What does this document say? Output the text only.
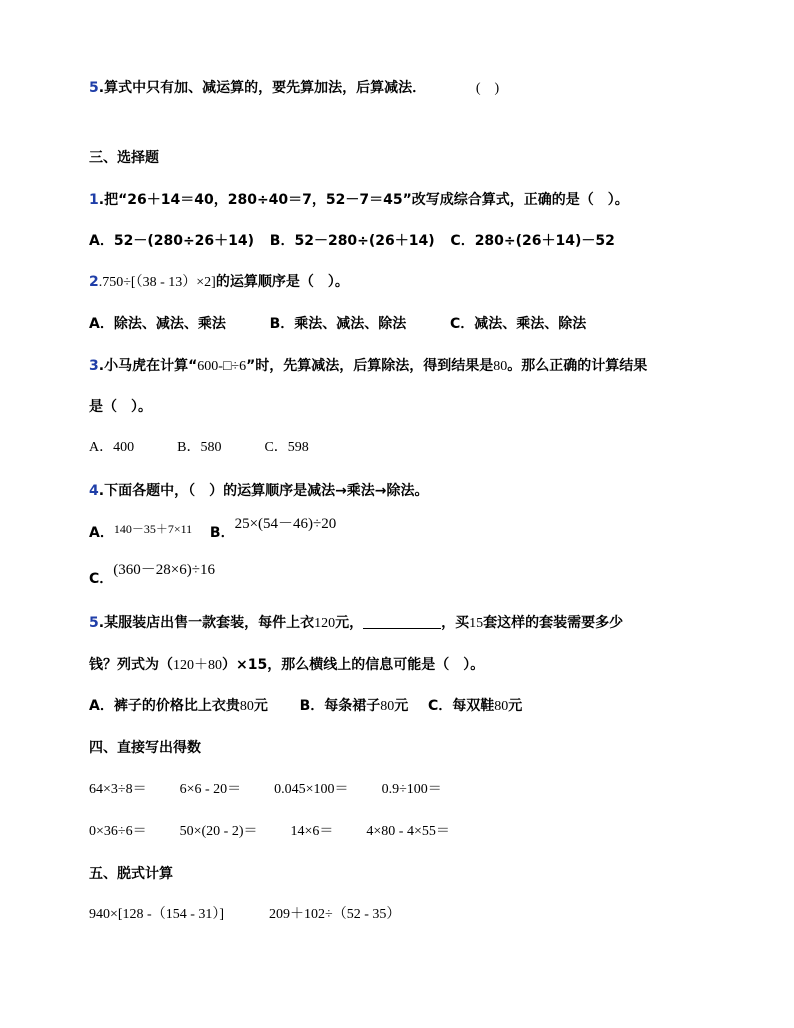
5.算式中只有加、减运算的，要先算加法，后算减法．	(    )
三、选择题
1.把“26＋14＝40，280÷40＝7，52－7＝45”改写成综合算式，正确的是（　）。
A．52－(280÷26＋14) B．52－280÷(26＋14) C．280÷(26＋14)－52
2.750÷[（38 - 13）×2]的运算顺序是（　）。
A．除法、减法、乘法	B．乘法、减法、除法	C．减法、乘法、除法
3.小马虎在计算“600-□÷6”时，先算减法，后算除法，得到结果是80。那么正确的计算结果
是（　）。
A．400	B．580	C．598
4.下面各题中，（　）的运算顺序是减法→乘法→除法。
A．140－35＋7×11 B．25×(54－46)÷20
C．(360－28×6)÷16
5.某服装店出售一款套装，每件上衣120元，	，买15套这样的套装需要多少
钱？列式为（120＋80）×15，那么横线上的信息可能是（　）。
A．裤子的价格比上衣贵80元 B．每条裙子80元 C．每双鞋80元
四、直接写出得数
64×3÷8＝ 6×6 - 20＝ 0.045×100＝ 0.9÷100＝
0×36÷6＝ 50×(20 - 2)＝ 14×6＝ 4×80 - 4×55＝
五、脱式计算
940×[128 -（154 - 31）]	209＋102÷（52 - 35）
